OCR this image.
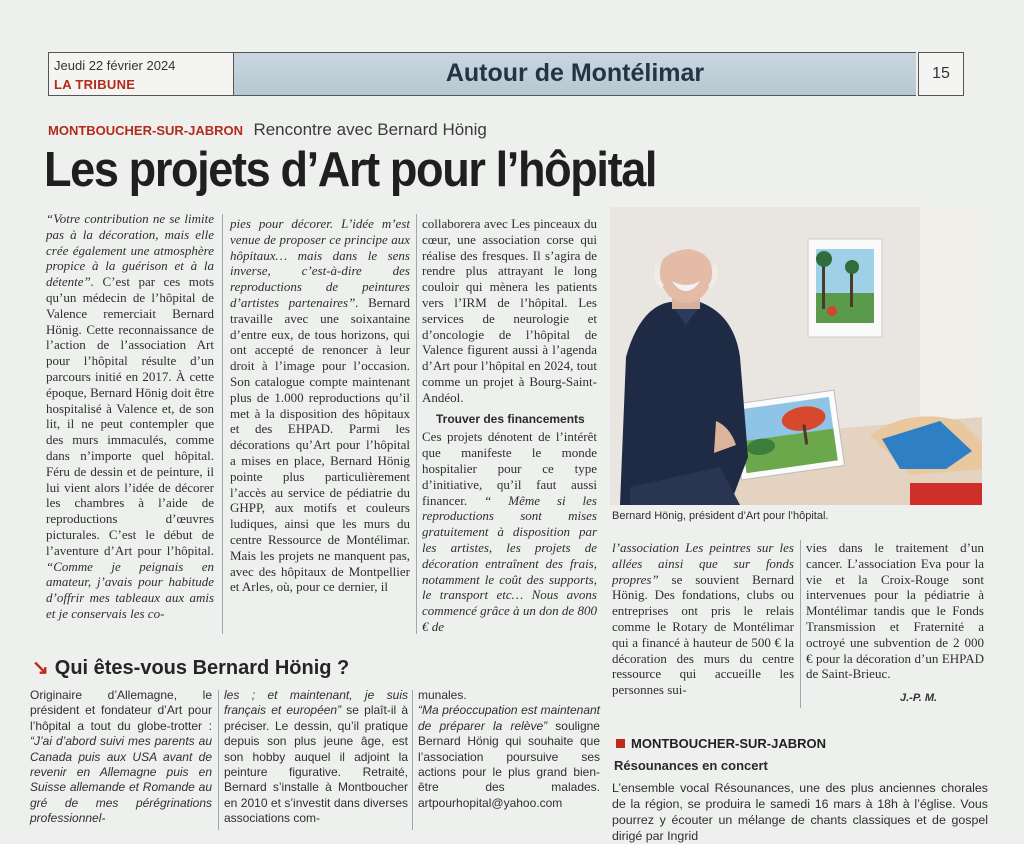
Jeudi 22 février 2024
LA TRIBUNE	Autour de Montélimar	15
MONTBOUCHER-SUR-JABRON Rencontre avec Bernard Hönig
Les projets d’Art pour l’hôpital

“Votre contribution ne se limite pas à la décoration, mais elle crée également une atmosphère propice à la guérison et à la détente”. C’est par ces mots qu’un médecin de l’hôpital de Valence remerciait Bernard Hönig. Cette reconnaissance de l’action de l’association Art pour l’hôpital résulte d’un parcours initié en 2017. À cette époque, Bernard Hönig doit être hospitalisé à Valence et, de son lit, il ne peut contempler que des murs immaculés, comme dans n’importe quel hôpital. Féru de dessin et de peinture, il lui vient alors l’idée de décorer les chambres à l’aide de reproductions d’œuvres picturales. C’est le début de l’aventure d’Art pour l’hôpital. “Comme je peignais en amateur, j’avais pour habitude d’offrir mes tableaux aux amis et je conservais les co-

pies pour décorer. L’idée m’est venue de proposer ce principe aux hôpitaux… mais dans le sens inverse, c’est-à-dire des reproductions de peintures d’artistes partenaires”. Bernard travaille avec une soixantaine d’entre eux, de tous horizons, qui ont accepté de renoncer à leur droit à l’image pour l’occasion. Son catalogue compte maintenant plus de 1.000 reproductions qu’il met à la disposition des hôpitaux et des EHPAD. Parmi les décorations qu’Art pour l’hôpital a mises en place, Bernard Hönig pointe plus particulièrement l’accès au service de pédiatrie du GHPP, aux motifs et couleurs ludiques, ainsi que les murs du centre Ressource de Montélimar. Mais les projets ne manquent pas, avec des hôpitaux de Montpellier et Arles, où, pour ce dernier, il

collaborera avec Les pinceaux du cœur, une association corse qui réalise des fresques. Il s’agira de rendre plus attrayant le long couloir qui mènera les patients vers l’IRM de l’hôpital. Les services de neurologie et d’oncologie de l’hôpital de Valence figurent aussi à l’agenda d’Art pour l’hôpital en 2024, tout comme un projet à Bourg-Saint-Andéol.

Trouver des financements

Ces projets dénotent de l’intérêt que manifeste le monde hospitalier pour ce type d’initiative, qu’il faut aussi financer. “ Même si les reproductions sont mises gratuitement à disposition par les artistes, les projets de décoration entraînent des frais, notamment le coût des supports, le transport etc… Nous avons commencé grâce à un don de 800 € de

Bernard Hönig, président d’Art pour l’hôpital.

l’association Les peintres sur les allées ainsi que sur fonds propres” se souvient Bernard Hönig. Des fondations, clubs ou entreprises ont pris le relais comme le Rotary de Montélimar qui a financé à hauteur de 500 € la décoration des murs du centre ressource qui accueille les personnes sui-

vies dans le traitement d’un cancer. L’association Eva pour la vie et la Croix-Rouge sont intervenues pour la pédiatrie à Montélimar tandis que le Fonds Transmission et Fraternité a octroyé une subvention de 2 000 € pour la décoration d’un EHPAD de Saint-Brieuc.

J.-P. M.
↘ Qui êtes-vous Bernard Hönig ?
Originaire d’Allemagne, le président et fondateur d’Art pour l’hôpital a tout du globe-trotter : “J’ai d’abord suivi mes parents au Canada puis aux USA avant de revenir en Allemagne puis en Suisse allemande et Romande au gré de mes pérégrinations professionnel-
les ; et maintenant, je suis français et européen” se plaît-il à préciser. Le dessin, qu’il pratique depuis son plus jeune âge, est son hobby auquel il adjoint la peinture figurative. Retraité, Bernard s’installe à Montboucher en 2010 et s’investit dans diverses associations com-
munales.
“Ma préoccupation est maintenant de préparer la relève” souligne Bernard Hönig qui souhaite que l’association poursuive ses actions pour le plus grand bien-être des malades. artpourhopital@yahoo.com
MONTBOUCHER-SUR-JABRON
Résounances en concert
L’ensemble vocal Résounances, une des plus anciennes chorales de la région, se produira le samedi 16 mars à 18h à l’église. Vous pourrez y écouter un mélange de chants classiques et de gospel dirigé par Ingrid
